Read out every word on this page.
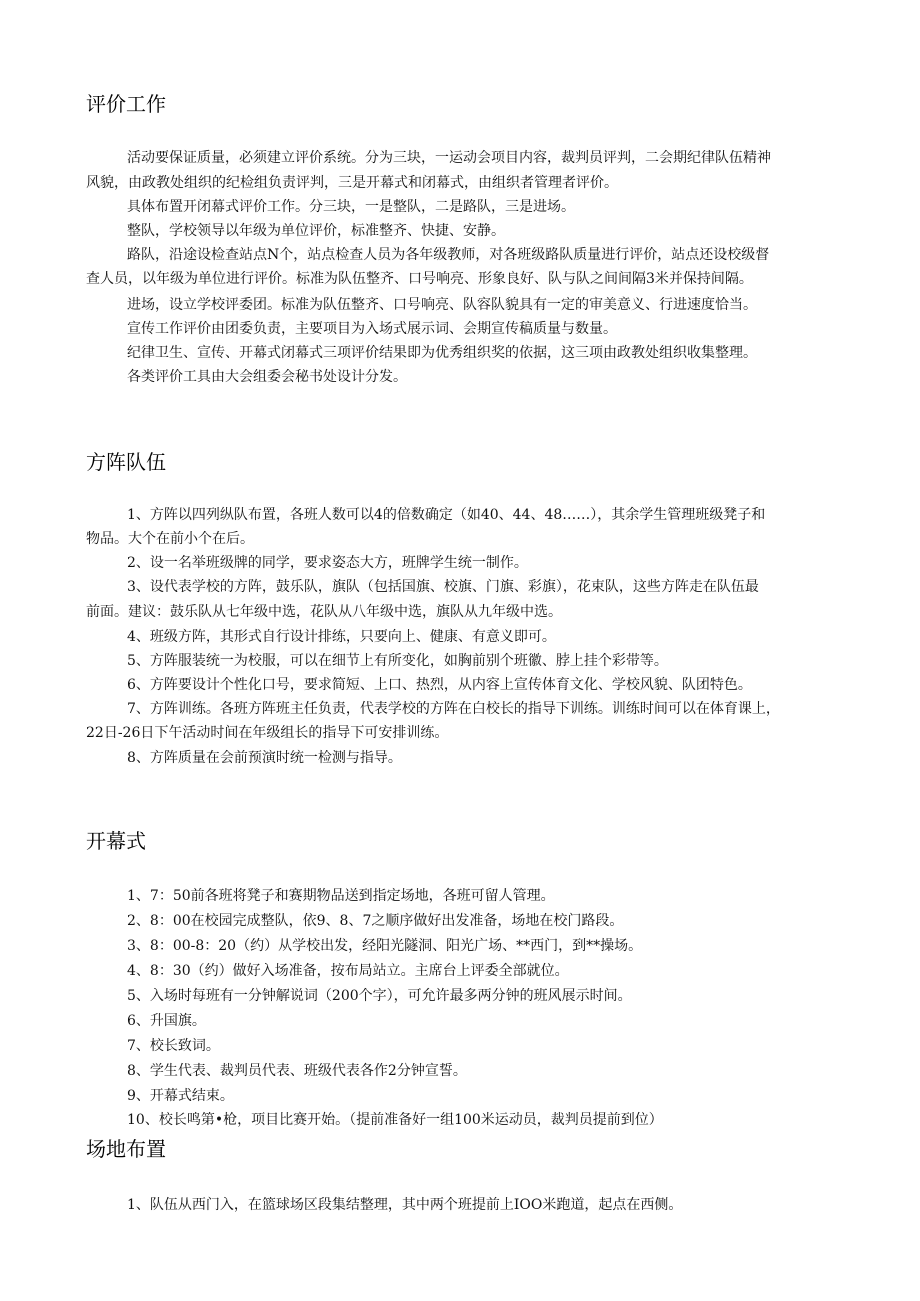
评价工作
活动要保证质量，必须建立评价系统。分为三块，一运动会项目内容，裁判员评判，二会期纪律队伍精神
风貌，由政教处组织的纪检组负责评判，三是开幕式和闭幕式，由组织者管理者评价。
具体布置开闭幕式评价工作。分三块，一是整队，二是路队，三是进场。
整队，学校领导以年级为单位评价，标准整齐、快捷、安静。
路队，沿途设检查站点N个，站点检查人员为各年级教师，对各班级路队质量进行评价，站点还设校级督
查人员，以年级为单位进行评价。标准为队伍整齐、口号响亮、形象良好、队与队之间间隔3米并保持间隔。
进场，设立学校评委团。标准为队伍整齐、口号响亮、队容队貌具有一定的审美意义、行进速度恰当。
宣传工作评价由团委负责，主要项目为入场式展示词、会期宣传稿质量与数量。
纪律卫生、宣传、开幕式闭幕式三项评价结果即为优秀组织奖的依据，这三项由政教处组织收集整理。
各类评价工具由大会组委会秘书处设计分发。
方阵队伍
1、方阵以四列纵队布置，各班人数可以4的倍数确定（如40、44、48……），其余学生管理班级凳子和
物品。大个在前小个在后。
2、设一名举班级牌的同学，要求姿态大方，班牌学生统一制作。
3、设代表学校的方阵，鼓乐队，旗队（包括国旗、校旗、门旗、彩旗），花束队，这些方阵走在队伍最
前面。建议：鼓乐队从七年级中选，花队从八年级中选，旗队从九年级中选。
4、班级方阵，其形式自行设计排练，只要向上、健康、有意义即可。
5、方阵服装统一为校服，可以在细节上有所变化，如胸前别个班徽、脖上挂个彩带等。
6、方阵要设计个性化口号，要求简短、上口、热烈，从内容上宣传体育文化、学校风貌、队团特色。
7、方阵训练。各班方阵班主任负责，代表学校的方阵在白校长的指导下训练。训练时间可以在体育课上，
22日-26日下午活动时间在年级组长的指导下可安排训练。
8、方阵质量在会前预演时统一检测与指导。
开幕式
1、7：50前各班将凳子和赛期物品送到指定场地，各班可留人管理。
2、8：00在校园完成整队，依9、8、7之顺序做好出发准备，场地在校门路段。
3、8：00-8：20（约）从学校出发，经阳光隧洞、阳光广场、**西门，到**操场。
4、8：30（约）做好入场准备，按布局站立。主席台上评委全部就位。
5、入场时每班有一分钟解说词（200个字），可允许最多两分钟的班风展示时间。
6、升国旗。
7、校长致词。
8、学生代表、裁判员代表、班级代表各作2分钟宣誓。
9、开幕式结束。
10、校长鸣第•枪，项目比赛开始。（提前准备好一组100米运动员，裁判员提前到位）
场地布置
1、队伍从西门入，在篮球场区段集结整理，其中两个班提前上IOO米跑道，起点在西侧。
